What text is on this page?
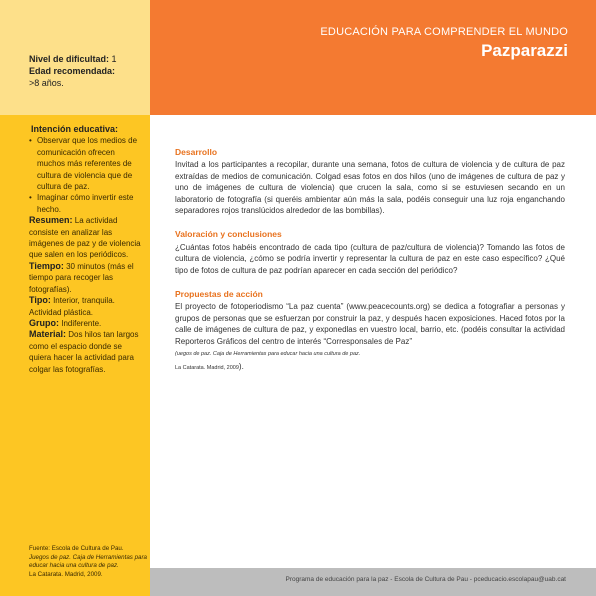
EDUCACIÓN PARA COMPRENDER EL MUNDO
Pazparazzi
Programa de educación para la paz - Escola de Cultura de Pau - pceducacio.escolapau@uab.cat
Nivel de dificultad: 1
Edad recomendada:
>8 años.
Intención educativa:
• Observar que los medios de comunicación ofrecen muchos más referentes de cultura de violencia que de cultura de paz.
• Imaginar cómo invertir este hecho.
Resumen: La actividad consiste en analizar las imágenes de paz y de violencia que salen en los periódicos.
Tiempo: 30 minutos (más el tiempo para recoger las fotografías).
Tipo: Interior, tranquila. Actividad plástica.
Grupo: Indiferente.
Material: Dos hilos tan largos como el espacio donde se quiera hacer la actividad para colgar las fotografías.
Fuente: Escola de Cultura de Pau.
Juegos de paz. Caja de Herramientas para educar hacia una cultura de paz.
La Catarata. Madrid, 2009.
Desarrollo

Invitad a los participantes a recopilar, durante una semana, fotos de cultura de violencia y de cultura de paz extraídas de medios de comunicación. Colgad esas fotos en dos hilos (uno de imágenes de cultura de paz y uno de imágenes de cultura de violencia) que crucen la sala, como si se estuviesen secando en un laboratorio de fotografía (si queréis ambientar aún más la sala, podéis conseguir una luz roja enganchando separadores rojos translúcidos alrededor de las bombillas).

Valoración y conclusiones

¿Cuántas fotos habéis encontrado de cada tipo (cultura de paz/cultura de violencia)? Tomando las fotos de cultura de violencia, ¿cómo se podría invertir y representar la cultura de paz en este caso específico? ¿Qué tipo de fotos de cultura de paz podrían aparecer en cada sección del periódico?

Propuestas de acción

El proyecto de fotoperiodismo “La paz cuenta” (www.peacecounts.org) se dedica a fotografiar a personas y grupos de personas que se esfuerzan por construir la paz, y después hacen exposiciones. Haced fotos por la calle de imágenes de cultura de paz, y exponedlas en vuestro local, barrio, etc. (podéis consultar la actividad Reporteros Gráficos del centro de interés “Corresponsales de Paz”
(uegos de paz. Caja de Herramientas para educar hacia una cultura de paz.
La Catarata. Madrid, 2009).
